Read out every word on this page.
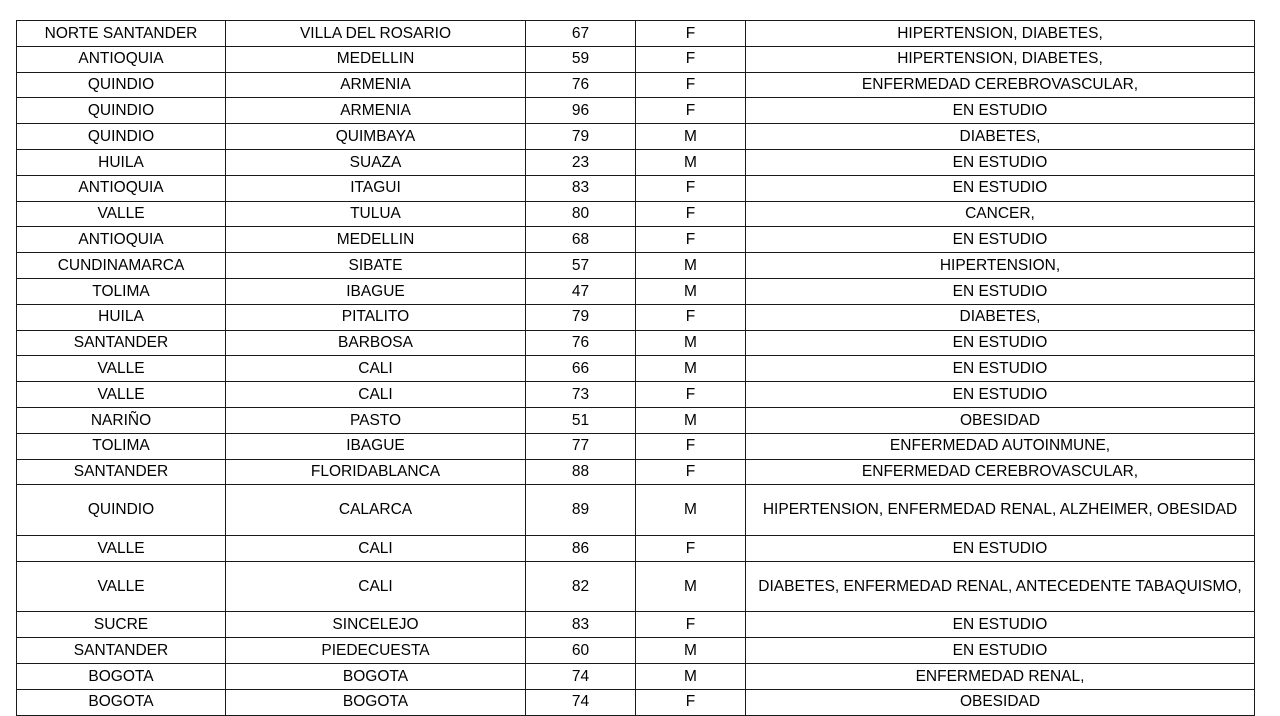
NORTE SANTANDER	VILLA DEL ROSARIO	67	F	HIPERTENSION, DIABETES,
ANTIOQUIA	MEDELLIN	59	F	HIPERTENSION, DIABETES,
QUINDIO	ARMENIA	76	F	ENFERMEDAD CEREBROVASCULAR,
QUINDIO	ARMENIA	96	F	EN ESTUDIO
QUINDIO	QUIMBAYA	79	M	DIABETES,
HUILA	SUAZA	23	M	EN ESTUDIO
ANTIOQUIA	ITAGUI	83	F	EN ESTUDIO
VALLE	TULUA	80	F	CANCER,
ANTIOQUIA	MEDELLIN	68	F	EN ESTUDIO
CUNDINAMARCA	SIBATE	57	M	HIPERTENSION,
TOLIMA	IBAGUE	47	M	EN ESTUDIO
HUILA	PITALITO	79	F	DIABETES,
SANTANDER	BARBOSA	76	M	EN ESTUDIO
VALLE	CALI	66	M	EN ESTUDIO
VALLE	CALI	73	F	EN ESTUDIO
NARIÑO	PASTO	51	M	OBESIDAD
TOLIMA	IBAGUE	77	F	ENFERMEDAD AUTOINMUNE,
SANTANDER	FLORIDABLANCA	88	F	ENFERMEDAD CEREBROVASCULAR,
QUINDIO	CALARCA	89	M	HIPERTENSION, ENFERMEDAD RENAL, ALZHEIMER, OBESIDAD
VALLE	CALI	86	F	EN ESTUDIO
VALLE	CALI	82	M	DIABETES, ENFERMEDAD RENAL, ANTECEDENTE TABAQUISMO,
SUCRE	SINCELEJO	83	F	EN ESTUDIO
SANTANDER	PIEDECUESTA	60	M	EN ESTUDIO
BOGOTA	BOGOTA	74	M	ENFERMEDAD RENAL,
BOGOTA	BOGOTA	74	F	OBESIDAD
